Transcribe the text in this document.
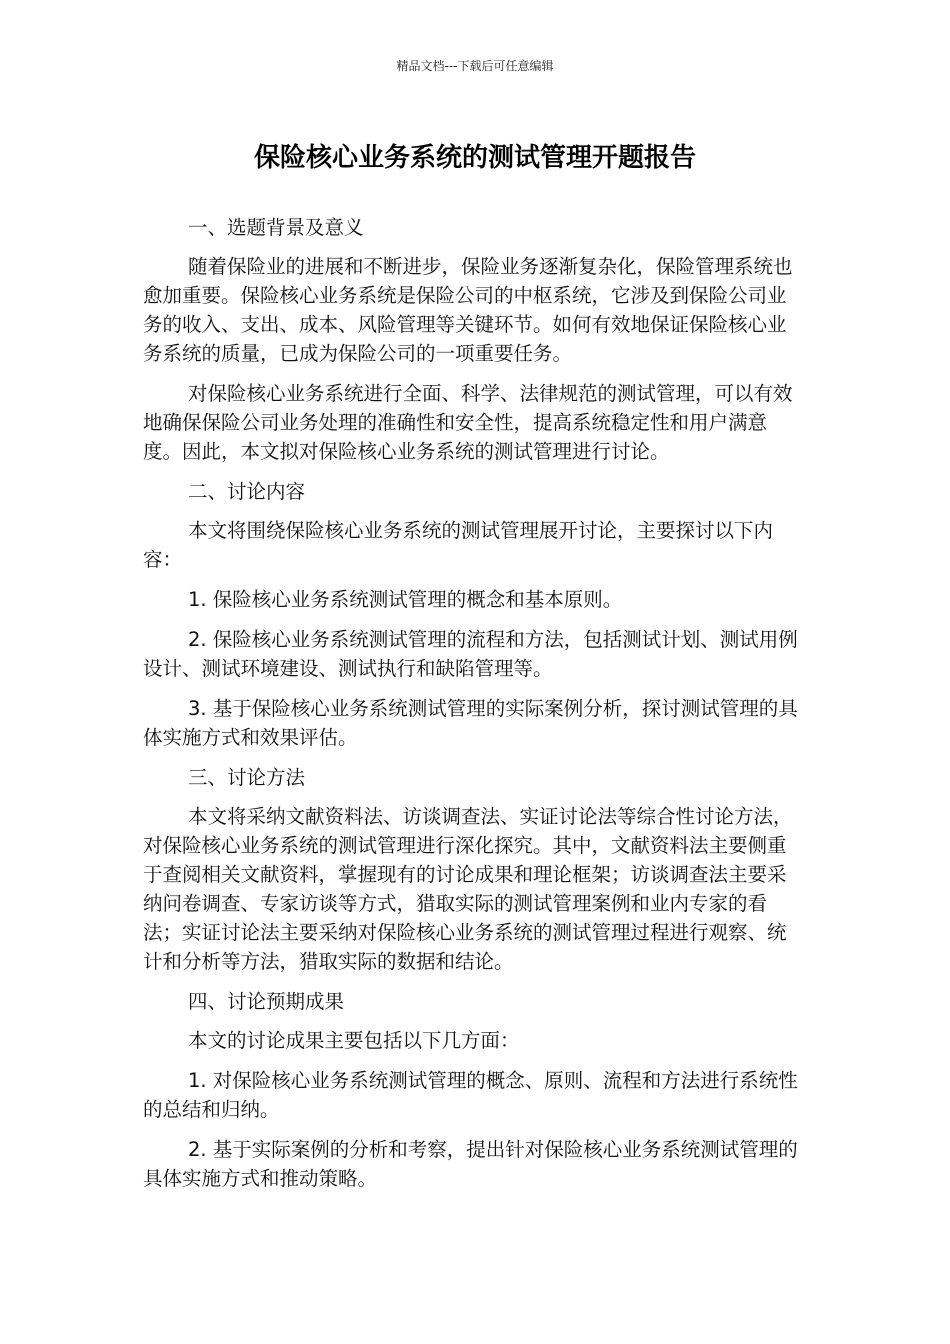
精品文档---下载后可任意编辑
保险核心业务系统的测试管理开题报告

一、选题背景及意义

随着保险业的进展和不断进步，保险业务逐渐复杂化，保险管理系统也愈加重要。保险核心业务系统是保险公司的中枢系统，它涉及到保险公司业务的收入、支出、成本、风险管理等关键环节。如何有效地保证保险核心业务系统的质量，已成为保险公司的一项重要任务。

对保险核心业务系统进行全面、科学、法律规范的测试管理，可以有效地确保保险公司业务处理的准确性和安全性，提高系统稳定性和用户满意度。因此，本文拟对保险核心业务系统的测试管理进行讨论。

二、讨论内容

本文将围绕保险核心业务系统的测试管理展开讨论，主要探讨以下内容：

1. 保险核心业务系统测试管理的概念和基本原则。

2. 保险核心业务系统测试管理的流程和方法，包括测试计划、测试用例设计、测试环境建设、测试执行和缺陷管理等。

3. 基于保险核心业务系统测试管理的实际案例分析，探讨测试管理的具体实施方式和效果评估。

三、讨论方法

本文将采纳文献资料法、访谈调查法、实证讨论法等综合性讨论方法，对保险核心业务系统的测试管理进行深化探究。其中，文献资料法主要侧重于查阅相关文献资料，掌握现有的讨论成果和理论框架；访谈调查法主要采纳问卷调查、专家访谈等方式，猎取实际的测试管理案例和业内专家的看法；实证讨论法主要采纳对保险核心业务系统的测试管理过程进行观察、统计和分析等方法，猎取实际的数据和结论。

四、讨论预期成果

本文的讨论成果主要包括以下几方面：

1. 对保险核心业务系统测试管理的概念、原则、流程和方法进行系统性的总结和归纳。

2. 基于实际案例的分析和考察，提出针对保险核心业务系统测试管理的具体实施方式和推动策略。
